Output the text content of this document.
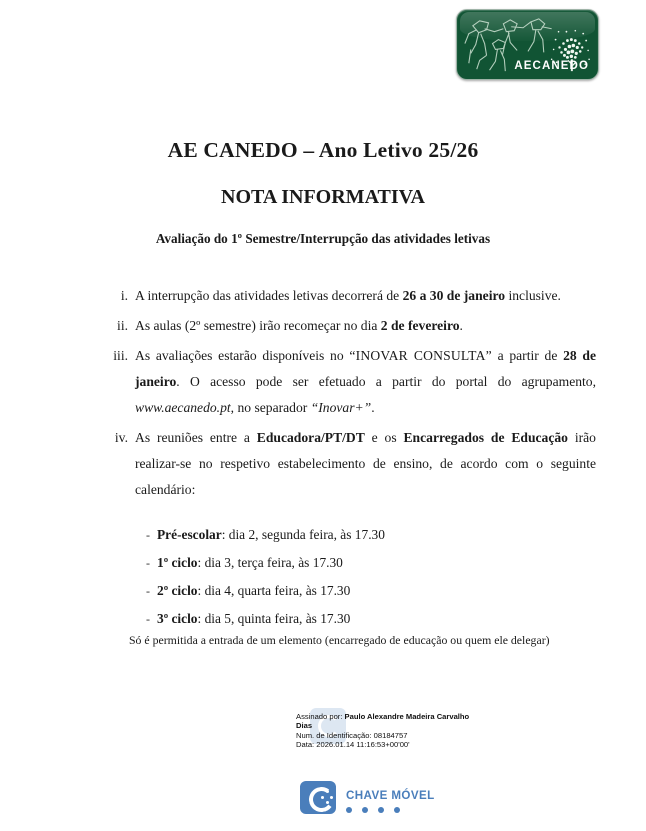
AECANEDO
AE CANEDO – Ano Letivo 25/26
NOTA INFORMATIVA
Avaliação do 1º Semestre/Interrupção das atividades letivas
i. A interrupção das atividades letivas decorrerá de 26 a 30 de janeiro inclusive.
ii. As aulas (2º semestre) irão recomeçar no dia 2 de fevereiro.
iii. As avaliações estarão disponíveis no “INOVAR CONSULTA” a partir de 28 de janeiro. O acesso pode ser efetuado a partir do portal do agrupamento, www.aecanedo.pt, no separador “Inovar+”.
iv. As reuniões entre a Educadora/PT/DT e os Encarregados de Educação irão realizar-se no respetivo estabelecimento de ensino, de acordo com o seguinte calendário:
- Pré-escolar: dia 2, segunda feira, às 17.30
- 1º ciclo: dia 3, terça feira, às 17.30
- 2º ciclo: dia 4, quarta feira, às 17.30
- 3º ciclo: dia 5, quinta feira, às 17.30
Só é permitida a entrada de um elemento (encarregado de educação ou quem ele delegar)
Assinado por: Paulo Alexandre Madeira Carvalho
Dias
Num. de Identificação: 08184757
Data: 2026.01.14 11:16:53+00'00'
CHAVE MÓVEL
